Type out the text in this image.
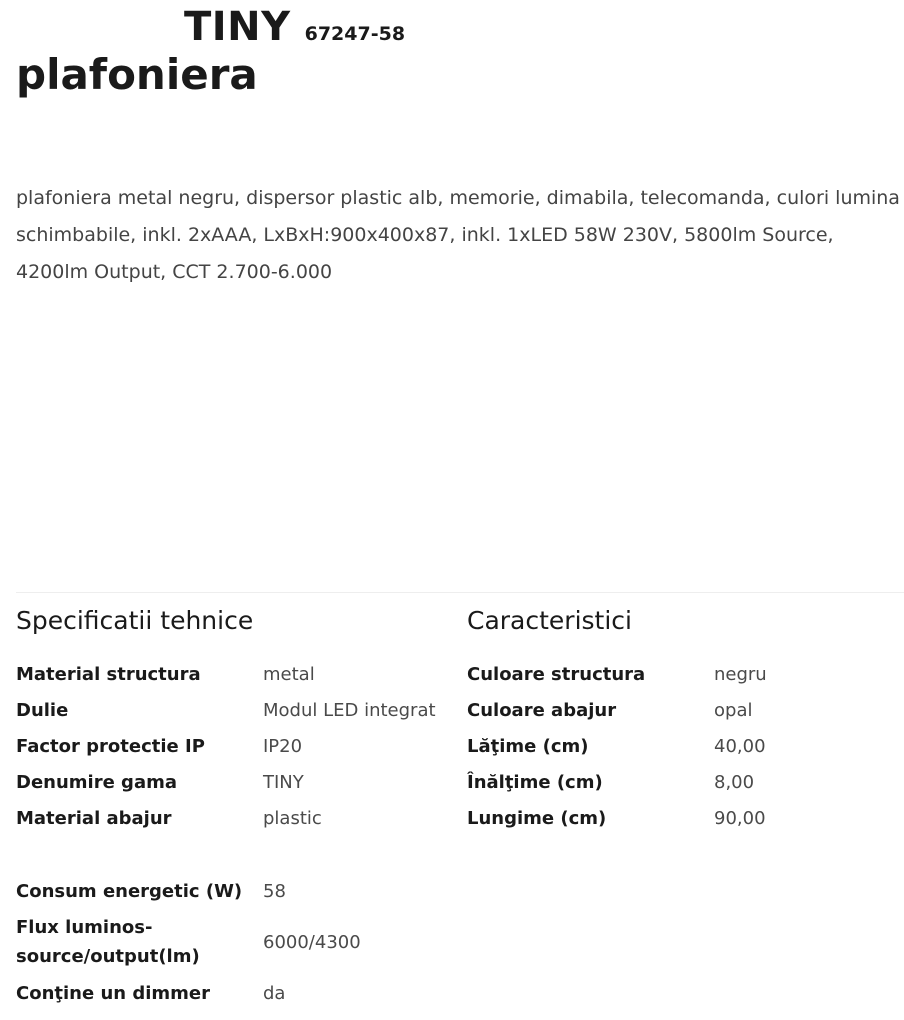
TINY 67247-58
plafoniera
plafoniera metal negru, dispersor plastic alb, memorie, dimabila, telecomanda, culori lumina schimbabile, inkl. 2xAAA, LxBxH:900x400x87, inkl. 1xLED 58W 230V, 5800lm Source, 4200lm Output, CCT 2.700-6.000
Specificatii tehnice	Caracteristici
Material structura	metal
Dulie	Modul LED integrat
Factor protectie IP	IP20
Denumire gama	TINY
Material abajur	plastic
Culoare structura	negru
Culoare abajur	opal
Lăţime (cm)	40,00
Înălţime (cm)	8,00
Lungime (cm)	90,00
Consum energetic (W)	58
Flux luminos-source/output(lm)	6000/4300
Conţine un dimmer	da
